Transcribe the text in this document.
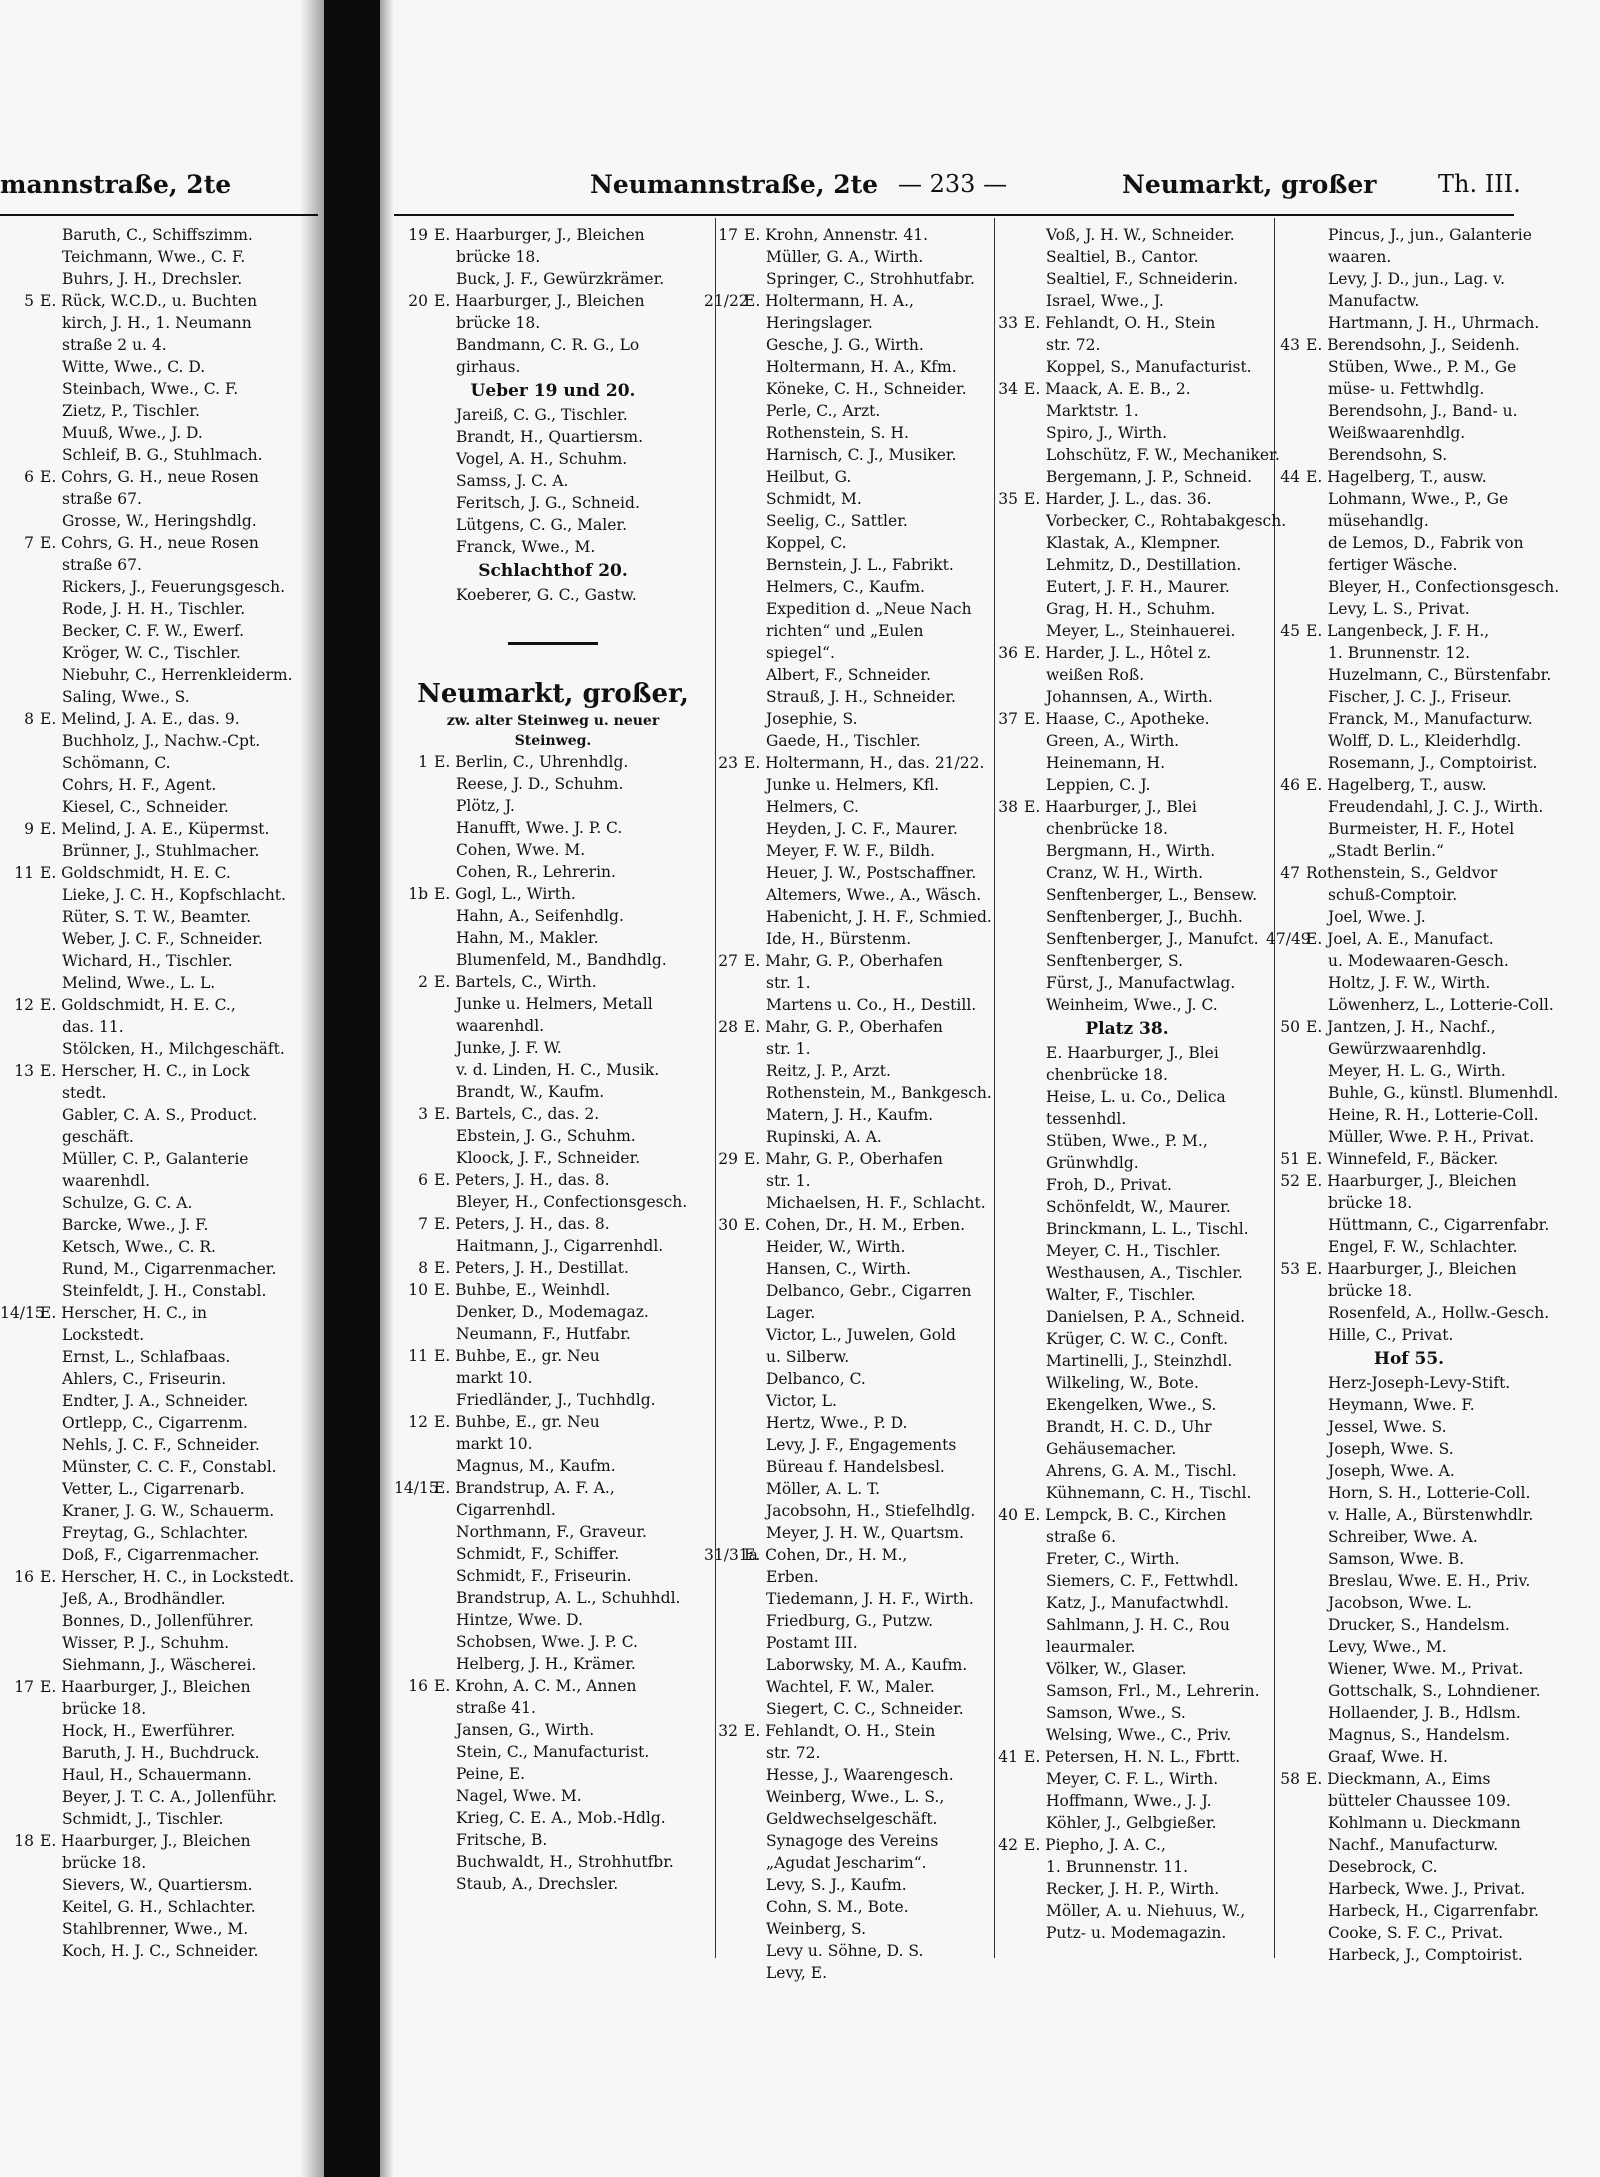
mannstraße, 2te
Baruth, C., Schiffszimm.
Teichmann, Wwe., C. F.
Buhrs, J. H., Drechsler.
5 E. Rück, W.C.D., u. Buchten
kirch, J. H., 1. Neumann
straße 2 u. 4.
Witte, Wwe., C. D.
Steinbach, Wwe., C. F.
Zietz, P., Tischler.
Muuß, Wwe., J. D.
Schleif, B. G., Stuhlmach.
6 E. Cohrs, G. H., neue Rosen
straße 67.
Grosse, W., Heringshdlg.
7 E. Cohrs, G. H., neue Rosen
straße 67.
Rickers, J., Feuerungsgesch.
Rode, J. H. H., Tischler.
Becker, C. F. W., Ewerf.
Kröger, W. C., Tischler.
Niebuhr, C., Herrenkleiderm.
Saling, Wwe., S.
8 E. Melind, J. A. E., das. 9.
Buchholz, J., Nachw.-Cpt.
Schömann, C.
Cohrs, H. F., Agent.
Kiesel, C., Schneider.
9 E. Melind, J. A. E., Küpermst.
Brünner, J., Stuhlmacher.
11 E. Goldschmidt, H. E. C.
Lieke, J. C. H., Kopfschlacht.
Rüter, S. T. W., Beamter.
Weber, J. C. F., Schneider.
Wichard, H., Tischler.
Melind, Wwe., L. L.
12 E. Goldschmidt, H. E. C.,
das. 11.
Stölcken, H., Milchgeschäft.
13 E. Herscher, H. C., in Lock
stedt.
Gabler, C. A. S., Product.
geschäft.
Müller, C. P., Galanterie
waarenhdl.
Schulze, G. C. A.
Barcke, Wwe., J. F.
Ketsch, Wwe., C. R.
Rund, M., Cigarrenmacher.
Steinfeldt, J. H., Constabl.
14/15
E. Herscher, H. C., in
Lockstedt.
Ernst, L., Schlafbaas.
Ahlers, C., Friseurin.
Endter, J. A., Schneider.
Ortlepp, C., Cigarrenm.
Nehls, J. C. F., Schneider.
Münster, C. C. F., Constabl.
Vetter, L., Cigarrenarb.
Kraner, J. G. W., Schauerm.
Freytag, G., Schlachter.
Doß, F., Cigarrenmacher.
16 E. Herscher, H. C., in Lockstedt.
Jeß, A., Brodhändler.
Bonnes, D., Jollenführer.
Wisser, P. J., Schuhm.
Siehmann, J., Wäscherei.
17 E. Haarburger, J., Bleichen
brücke 18.
Hock, H., Ewerführer.
Baruth, J. H., Buchdruck.
Haul, H., Schauermann.
Beyer, J. T. C. A., Jollenführ.
Schmidt, J., Tischler.
18 E. Haarburger, J., Bleichen
brücke 18.
Sievers, W., Quartiersm.
Keitel, G. H., Schlachter.
Stahlbrenner, Wwe., M.
Koch, H. J. C., Schneider.
Neumannstraße, 2te — 233 —	Neumarkt, großer	Th. III.
19 E. Haarburger, J., Bleichen
brücke 18.
Buck, J. F., Gewürzkrämer.
20 E. Haarburger, J., Bleichen
brücke 18.
Bandmann, C. R. G., Lo
girhaus.
Ueber 19 und 20.
Jareiß, C. G., Tischler.
Brandt, H., Quartiersm.
Vogel, A. H., Schuhm.
Samss, J. C. A.
Feritsch, J. G., Schneid.
Lütgens, C. G., Maler.
Franck, Wwe., M.
Schlachthof 20.
Koeberer, G. C., Gastw.
Neumarkt, großer,
zw. alter Steinweg u. neuer
Steinweg.
1 E. Berlin, C., Uhrenhdlg.
Reese, J. D., Schuhm.
Plötz, J.
Hanufft, Wwe. J. P. C.
Cohen, Wwe. M.
Cohen, R., Lehrerin.
1b E. Gogl, L., Wirth.
Hahn, A., Seifenhdlg.
Hahn, M., Makler.
Blumenfeld, M., Bandhdlg.
2 E. Bartels, C., Wirth.
Junke u. Helmers, Metall
waarenhdl.
Junke, J. F. W.
v. d. Linden, H. C., Musik.
Brandt, W., Kaufm.
3 E. Bartels, C., das. 2.
Ebstein, J. G., Schuhm.
Kloock, J. F., Schneider.
6 E. Peters, J. H., das. 8.
Bleyer, H., Confectionsgesch.
7 E. Peters, J. H., das. 8.
Haitmann, J., Cigarrenhdl.
8 E. Peters, J. H., Destillat.
10 E. Buhbe, E., Weinhdl.
Denker, D., Modemagaz.
Neumann, F., Hutfabr.
11 E. Buhbe, E., gr. Neu
markt 10.
Friedländer, J., Tuchhdlg.
12 E. Buhbe, E., gr. Neu
markt 10.
Magnus, M., Kaufm.
14/15
E. Brandstrup, A. F. A.,
Cigarrenhdl.
Northmann, F., Graveur.
Schmidt, F., Schiffer.
Schmidt, F., Friseurin.
Brandstrup, A. L., Schuhhdl.
Hintze, Wwe. D.
Schobsen, Wwe. J. P. C.
Helberg, J. H., Krämer.
16 E. Krohn, A. C. M., Annen
straße 41.
Jansen, G., Wirth.
Stein, C., Manufacturist.
Peine, E.
Nagel, Wwe. M.
Krieg, C. E. A., Mob.-Hdlg.
Fritsche, B.
Buchwaldt, H., Strohhutfbr.
Staub, A., Drechsler.
17 E. Krohn, Annenstr. 41.
Müller, G. A., Wirth.
Springer, C., Strohhutfabr.
21/22
E. Holtermann, H. A.,
Heringslager.
Gesche, J. G., Wirth.
Holtermann, H. A., Kfm.
Köneke, C. H., Schneider.
Perle, C., Arzt.
Rothenstein, S. H.
Harnisch, C. J., Musiker.
Heilbut, G.
Schmidt, M.
Seelig, C., Sattler.
Koppel, C.
Bernstein, J. L., Fabrikt.
Helmers, C., Kaufm.
Expedition d. „Neue Nach
richten“ und „Eulen
spiegel“.
Albert, F., Schneider.
Strauß, J. H., Schneider.
Josephie, S.
Gaede, H., Tischler.
23 E. Holtermann, H., das. 21/22.
Junke u. Helmers, Kfl.
Helmers, C.
Heyden, J. C. F., Maurer.
Meyer, F. W. F., Bildh.
Heuer, J. W., Postschaffner.
Altemers, Wwe., A., Wäsch.
Habenicht, J. H. F., Schmied.
Ide, H., Bürstenm.
27 E. Mahr, G. P., Oberhafen
str. 1.
Martens u. Co., H., Destill.
28 E. Mahr, G. P., Oberhafen
str. 1.
Reitz, J. P., Arzt.
Rothenstein, M., Bankgesch.
Matern, J. H., Kaufm.
Rupinski, A. A.
29 E. Mahr, G. P., Oberhafen
str. 1.
Michaelsen, H. F., Schlacht.
30 E. Cohen, Dr., H. M., Erben.
Heider, W., Wirth.
Hansen, C., Wirth.
Delbanco, Gebr., Cigarren
Lager.
Victor, L., Juwelen, Gold
u. Silberw.
Delbanco, C.
Victor, L.
Hertz, Wwe., P. D.
Levy, J. F., Engagements
Büreau f. Handelsbesl.
Möller, A. L. T.
Jacobsohn, H., Stiefelhdlg.
Meyer, J. H. W., Quartsm.
31/31a
E. Cohen, Dr., H. M.,
Erben.
Tiedemann, J. H. F., Wirth.
Friedburg, G., Putzw.
Postamt III.
Laborwsky, M. A., Kaufm.
Wachtel, F. W., Maler.
Siegert, C. C., Schneider.
32 E. Fehlandt, O. H., Stein
str. 72.
Hesse, J., Waarengesch.
Weinberg, Wwe., L. S.,
Geldwechselgeschäft.
Synagoge des Vereins
„Agudat Jescharim“.
Levy, S. J., Kaufm.
Cohn, S. M., Bote.
Weinberg, S.
Levy u. Söhne, D. S.
Levy, E.
Voß, J. H. W., Schneider.
Sealtiel, B., Cantor.
Sealtiel, F., Schneiderin.
Israel, Wwe., J.
33 E. Fehlandt, O. H., Stein
str. 72.
Koppel, S., Manufacturist.
34 E. Maack, A. E. B., 2.
Marktstr. 1.
Spiro, J., Wirth.
Lohschütz, F. W., Mechaniker.
Bergemann, J. P., Schneid.
35 E. Harder, J. L., das. 36.
Vorbecker, C., Rohtabakgesch.
Klastak, A., Klempner.
Lehmitz, D., Destillation.
Eutert, J. F. H., Maurer.
Grag, H. H., Schuhm.
Meyer, L., Steinhauerei.
36 E. Harder, J. L., Hôtel z.
weißen Roß.
Johannsen, A., Wirth.
37 E. Haase, C., Apotheke.
Green, A., Wirth.
Heinemann, H.
Leppien, C. J.
38 E. Haarburger, J., Blei
chenbrücke 18.
Bergmann, H., Wirth.
Cranz, W. H., Wirth.
Senftenberger, L., Bensew.
Senftenberger, J., Buchh.
Senftenberger, J., Manufct.
Senftenberger, S.
Fürst, J., Manufactwlag.
Weinheim, Wwe., J. C.
Platz 38.
E. Haarburger, J., Blei
chenbrücke 18.
Heise, L. u. Co., Delica
tessenhdl.
Stüben, Wwe., P. M.,
Grünwhdlg.
Froh, D., Privat.
Schönfeldt, W., Maurer.
Brinckmann, L. L., Tischl.
Meyer, C. H., Tischler.
Westhausen, A., Tischler.
Walter, F., Tischler.
Danielsen, P. A., Schneid.
Krüger, C. W. C., Conft.
Martinelli, J., Steinzhdl.
Wilkeling, W., Bote.
Ekengelken, Wwe., S.
Brandt, H. C. D., Uhr
Gehäusemacher.
Ahrens, G. A. M., Tischl.
Kühnemann, C. H., Tischl.
40 E. Lempck, B. C., Kirchen
straße 6.
Freter, C., Wirth.
Siemers, C. F., Fettwhdl.
Katz, J., Manufactwhdl.
Sahlmann, J. H. C., Rou
leaurmaler.
Völker, W., Glaser.
Samson, Frl., M., Lehrerin.
Samson, Wwe., S.
Welsing, Wwe., C., Priv.
41 E. Petersen, H. N. L., Fbrtt.
Meyer, C. F. L., Wirth.
Hoffmann, Wwe., J. J.
Köhler, J., Gelbgießer.
42 E. Piepho, J. A. C.,
1. Brunnenstr. 11.
Recker, J. H. P., Wirth.
Möller, A. u. Niehuus, W.,
Putz- u. Modemagazin.
Pincus, J., jun., Galanterie
waaren.
Levy, J. D., jun., Lag. v.
Manufactw.
Hartmann, J. H., Uhrmach.
43 E. Berendsohn, J., Seidenh.
Stüben, Wwe., P. M., Ge
müse- u. Fettwhdlg.
Berendsohn, J., Band- u.
Weißwaarenhdlg.
Berendsohn, S.
44 E. Hagelberg, T., ausw.
Lohmann, Wwe., P., Ge
müsehandlg.
de Lemos, D., Fabrik von
fertiger Wäsche.
Bleyer, H., Confectionsgesch.
Levy, L. S., Privat.
45 E. Langenbeck, J. F. H.,
1. Brunnenstr. 12.
Huzelmann, C., Bürstenfabr.
Fischer, J. C. J., Friseur.
Franck, M., Manufacturw.
Wolff, D. L., Kleiderhdlg.
Rosemann, J., Comptoirist.
46 E. Hagelberg, T., ausw.
Freudendahl, J. C. J., Wirth.
Burmeister, H. F., Hotel
„Stadt Berlin.“
47 Rothenstein, S., Geldvor
schuß-Comptoir.
Joel, Wwe. J.
47/49
E. Joel, A. E., Manufact.
u. Modewaaren-Gesch.
Holtz, J. F. W., Wirth.
Löwenherz, L., Lotterie-Coll.
50 E. Jantzen, J. H., Nachf.,
Gewürzwaarenhdlg.
Meyer, H. L. G., Wirth.
Buhle, G., künstl. Blumenhdl.
Heine, R. H., Lotterie-Coll.
Müller, Wwe. P. H., Privat.
51 E. Winnefeld, F., Bäcker.
52 E. Haarburger, J., Bleichen
brücke 18.
Hüttmann, C., Cigarrenfabr.
Engel, F. W., Schlachter.
53 E. Haarburger, J., Bleichen
brücke 18.
Rosenfeld, A., Hollw.-Gesch.
Hille, C., Privat.
Hof 55.
Herz-Joseph-Levy-Stift.
Heymann, Wwe. F.
Jessel, Wwe. S.
Joseph, Wwe. S.
Joseph, Wwe. A.
Horn, S. H., Lotterie-Coll.
v. Halle, A., Bürstenwhdlr.
Schreiber, Wwe. A.
Samson, Wwe. B.
Breslau, Wwe. E. H., Priv.
Jacobson, Wwe. L.
Drucker, S., Handelsm.
Levy, Wwe., M.
Wiener, Wwe. M., Privat.
Gottschalk, S., Lohndiener.
Hollaender, J. B., Hdlsm.
Magnus, S., Handelsm.
Graaf, Wwe. H.
58 E. Dieckmann, A., Eims
bütteler Chaussee 109.
Kohlmann u. Dieckmann
Nachf., Manufacturw.
Desebrock, C.
Harbeck, Wwe. J., Privat.
Harbeck, H., Cigarrenfabr.
Cooke, S. F. C., Privat.
Harbeck, J., Comptoirist.
